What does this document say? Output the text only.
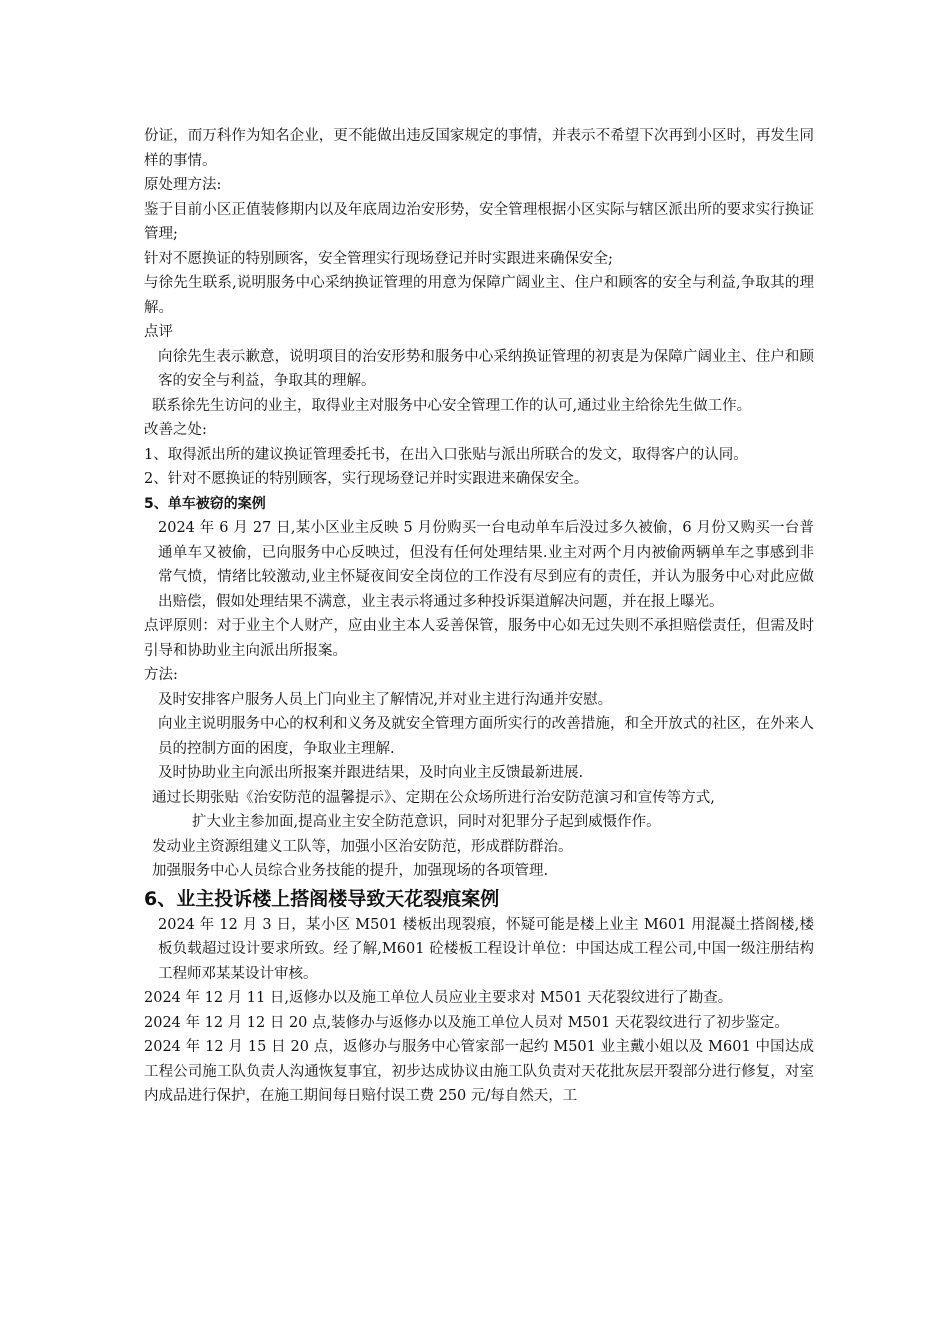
份证，而万科作为知名企业，更不能做出违反国家规定的事情，并表示不希望下次再到小区时，再发生同样的事情。

原处理方法:

鉴于目前小区正值装修期内以及年底周边治安形势，安全管理根据小区实际与辖区派出所的要求实行换证管理;

针对不愿换证的特别顾客，安全管理实行现场登记并时实跟进来确保安全;

与徐先生联系,说明服务中心采纳换证管理的用意为保障广阔业主、住户和顾客的安全与利益,争取其的理解。

点评

向徐先生表示歉意，说明项目的治安形势和服务中心采纳换证管理的初衷是为保障广阔业主、住户和顾客的安全与利益，争取其的理解。

联系徐先生访问的业主，取得业主对服务中心安全管理工作的认可,通过业主给徐先生做工作。

改善之处:

1、取得派出所的建议换证管理委托书，在出入口张贴与派出所联合的发文，取得客户的认同。

2、针对不愿换证的特别顾客，实行现场登记并时实跟进来确保安全。

5、单车被窃的案例

2024 年 6 月 27 日,某小区业主反映 5 月份购买一台电动单车后没过多久被偷，6 月份又购买一台普通单车又被偷，已向服务中心反映过，但没有任何处理结果.业主对两个月内被偷两辆单车之事感到非常气愤，情绪比较激动,业主怀疑夜间安全岗位的工作没有尽到应有的责任，并认为服务中心对此应做出赔偿，假如处理结果不满意，业主表示将通过多种投诉渠道解决问题，并在报上曝光。

点评原则：对于业主个人财产，应由业主本人妥善保管，服务中心如无过失则不承担赔偿责任，但需及时引导和协助业主向派出所报案。

方法:

及时安排客户服务人员上门向业主了解情况,并对业主进行沟通并安慰。

向业主说明服务中心的权利和义务及就安全管理方面所实行的改善措施，和全开放式的社区，在外来人员的控制方面的困度，争取业主理解.

及时协助业主向派出所报案并跟进结果，及时向业主反馈最新进展.

通过长期张贴《治安防范的温馨提示》、定期在公众场所进行治安防范演习和宣传等方式,

扩大业主参加面,提高业主安全防范意识，同时对犯罪分子起到威慑作作。

发动业主资源组建义工队等，加强小区治安防范，形成群防群治。

加强服务中心人员综合业务技能的提升，加强现场的各项管理.

6、业主投诉楼上搭阁楼导致天花裂痕案例

2024 年 12 月 3 日，某小区 M501 楼板出现裂痕，怀疑可能是楼上业主 M601 用混凝土搭阁楼,楼板负载超过设计要求所致。经了解,M601 砼楼板工程设计单位：中国达成工程公司,中国一级注册结构工程师邓某某设计审核。

2024 年 12 月 11 日,返修办以及施工单位人员应业主要求对 M501 天花裂纹进行了勘查。

2024 年 12 月 12 日 20 点,装修办与返修办以及施工单位人员对 M501 天花裂纹进行了初步鉴定。

2024 年 12 月 15 日 20 点，返修办与服务中心管家部一起约 M501 业主戴小姐以及 M601 中国达成工程公司施工队负责人沟通恢复事宜，初步达成协议由施工队负责对天花批灰层开裂部分进行修复，对室内成品进行保护，在施工期间每日赔付误工费 250 元/每自然天，工
